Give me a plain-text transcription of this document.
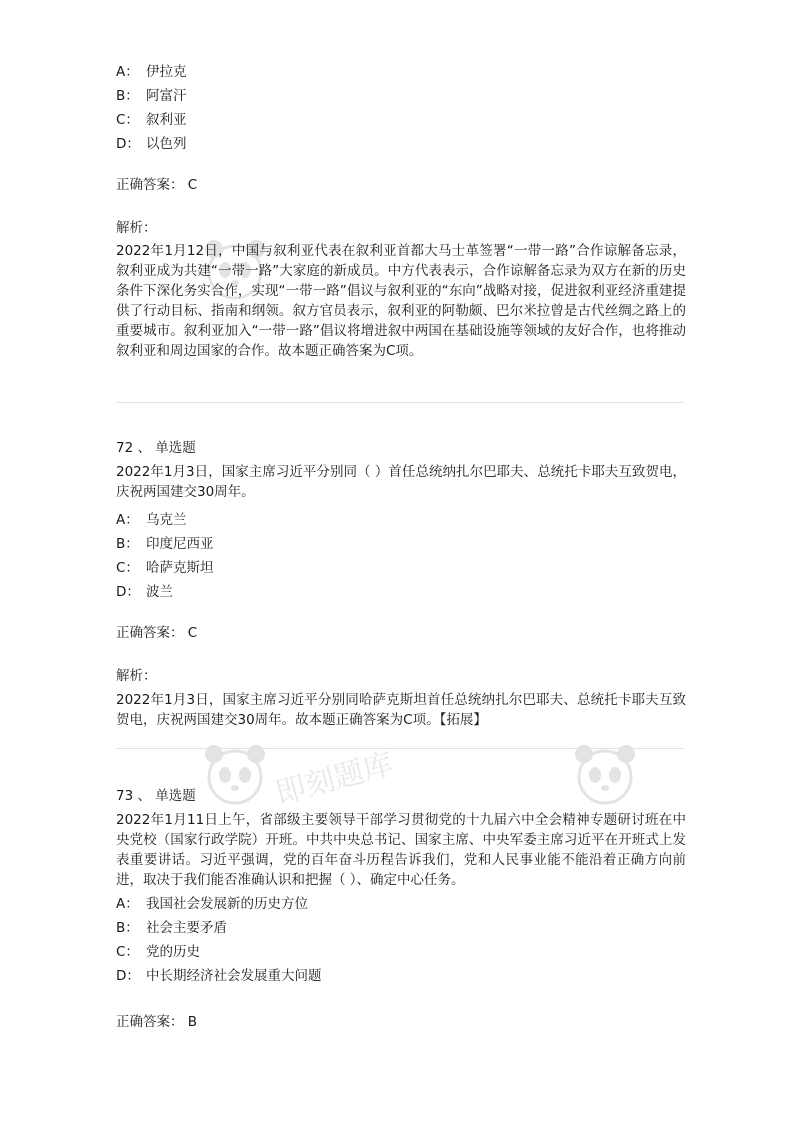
即刻题库
A： 伊拉克
B： 阿富汗
C： 叙利亚
D： 以色列
正确答案： C
解析：
2022年1月12日，中国与叙利亚代表在叙利亚首都大马士革签署“一带一路”合作谅解备忘录，叙利亚成为共建“一带一路”大家庭的新成员。中方代表表示，合作谅解备忘录为双方在新的历史条件下深化务实合作，实现“一带一路”倡议与叙利亚的“东向”战略对接，促进叙利亚经济重建提供了行动目标、指南和纲领。叙方官员表示，叙利亚的阿勒颇、巴尔米拉曾是古代丝绸之路上的重要城市。叙利亚加入“一带一路”倡议将增进叙中两国在基础设施等领域的友好合作，也将推动叙利亚和周边国家的合作。故本题正确答案为C项。
72 、 单选题
2022年1月3日，国家主席习近平分别同（ ）首任总统纳扎尔巴耶夫、总统托卡耶夫互致贺电，庆祝两国建交30周年。
A： 乌克兰
B： 印度尼西亚
C： 哈萨克斯坦
D： 波兰
正确答案： C
解析：
2022年1月3日，国家主席习近平分别同哈萨克斯坦首任总统纳扎尔巴耶夫、总统托卡耶夫互致贺电，庆祝两国建交30周年。故本题正确答案为C项。【拓展】
73 、 单选题
2022年1月11日上午，省部级主要领导干部学习贯彻党的十九届六中全会精神专题研讨班在中央党校（国家行政学院）开班。中共中央总书记、国家主席、中央军委主席习近平在开班式上发表重要讲话。习近平强调，党的百年奋斗历程告诉我们，党和人民事业能不能沿着正确方向前进，取决于我们能否准确认识和把握（ ）、确定中心任务。
A： 我国社会发展新的历史方位
B： 社会主要矛盾
C： 党的历史
D： 中长期经济社会发展重大问题
正确答案： B
